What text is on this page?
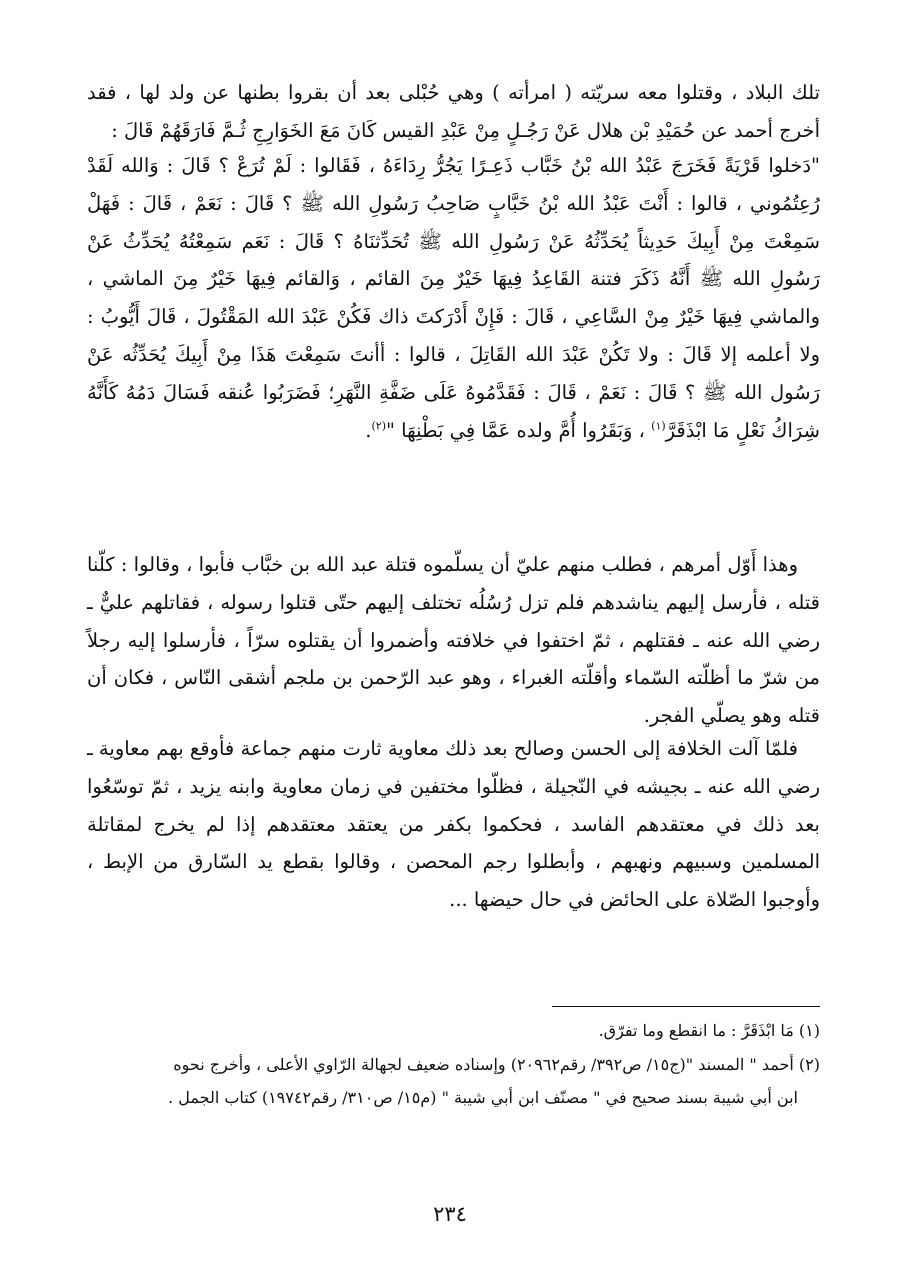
تلك البلاد ، وقتلوا معه سريّته ( امرأته ) وهي حُبْلى بعد أن بقروا بطنها عن ولد لها ، فقد أخرج أحمد عن حُمَيْدِ بْن هلال عَنْ رَجُـلٍ مِنْ عَبْدِ القيس كَانَ مَعَ الخَوَارِجِ ثُـمَّ فَارَقَهُمْ قَالَ :

"دَخلوا قَرْيَةً فَخَرَجَ عَبْدُ الله بْنُ خَبَّاب ذَعِـرًا يَجُرُّ رِدَاءَهُ ، فَقَالوا : لَمْ تُرَعْ ؟ قَالَ : وَالله لَقَدْ رُعِتُمُوني ، قالوا : أَنْتَ عَبْدُ الله بْنُ خَبَّابٍ صَاحِبُ رَسُولِ الله ﷺ ؟ قَالَ : نَعَمْ ، قَالَ : فَهَلْ سَمِعْتَ مِنْ أَبِيكَ حَدِيثاً يُحَدِّثُهُ عَنْ رَسُولِ الله ﷺ تُحَدِّثنَاهُ ؟ قَالَ : نَعَم سَمِعْتُهُ يُحَدِّثُ عَنْ رَسُولِ الله ﷺ أَنَّهُ ذَكَرَ فتنة القَاعِدُ فِيهَا خَيْرٌ مِنَ القائم ، وَالقائم فِيهَا خَيْرٌ مِنَ الماشي ، والماشي فِيهَا خَيْرٌ مِنْ السَّاعِي ، قَالَ : فَإِنْ أَدْرَكتَ ذاك فَكُنْ عَبْدَ الله المَقْتُولَ ، قَالَ أَيُّوبُ : ولا أعلمه إلا قَالَ : ولا تَكُنْ عَبْدَ الله القَاتِلَ ، قالوا : أأنتَ سَمِعْتَ هَذَا مِنْ أَبِيكَ يُحَدِّثُه عَنْ رَسُول الله ﷺ ؟ قَالَ : نَعَمْ ، قَالَ : فَقَدَّمُوهُ عَلَى ضَفَّةِ النَّهَرِ؛ فَضَرَبُوا عُنقه فَسَالَ دَمُهُ كَأَنَّهُ شِرَاكُ نَعْلٍ مَا ابْذَقَرَّ$^{(١)}$ ، وَبَقَرُوا أُمَّ ولده عَمَّا فِي بَطْنِهَا "$^{(٢)}$.

وهذا أَوّل أمرهم ، فطلب منهم عليّ أن يسلّموه قتلة عبد الله بن خبَّاب فأبوا ، وقالوا : كلّنا قتله ، فأرسل إليهم يناشدهم فلم تزل رُسُلُه تختلف إليهم حتّى قتلوا رسوله ، فقاتلهم عليٌّ ـ رضي الله عنه ـ فقتلهم ، ثمّ اختفوا في خلافته وأضمروا أن يقتلوه سرّاً ، فأرسلوا إليه رجلاً من شرّ ما أظلّته السّماء وأقلّته الغبراء ، وهو عبد الرّحمن بن ملجم أشقى النّاس ، فكان أن قتله وهو يصلّي الفجر.

فلمّا آلت الخلافة إلى الحسن وصالح بعد ذلك معاوية ثارت منهم جماعة فأوقع بهم معاوية ـ رضي الله عنه ـ بجيشه في النّجيلة ، فظلّوا مختفين في زمان معاوية وابنه يزيد ، ثمّ توسّعُوا بعد ذلك في معتقدهم الفاسد ، فحكموا بكفر من يعتقد معتقدهم إذا لم يخرج لمقاتلة المسلمين وسبيهم ونهبهم ، وأبطلوا رجم المحصن ، وقالوا بقطع يد السّارق من الإبط ، وأوجبوا الصّلاة على الحائض في حال حيضها ...

(١) مَا ابْذَقَرَّ : ما انقطع وما تفرّق.

(٢) أحمد " المسند "(ج١٥/ ص٣٩٢/ رقم٢٠٩٦٢) وإسناده ضعيف لجهالة الرّاوي الأعلى ، وأخرج نحوه

ابن أبي شيبة بسند صحيح في " مصنّف ابن أبي شيبة " (م١٥/ ص٣١٠/ رقم١٩٧٤٢) كتاب الجمل .

٢٣٤
